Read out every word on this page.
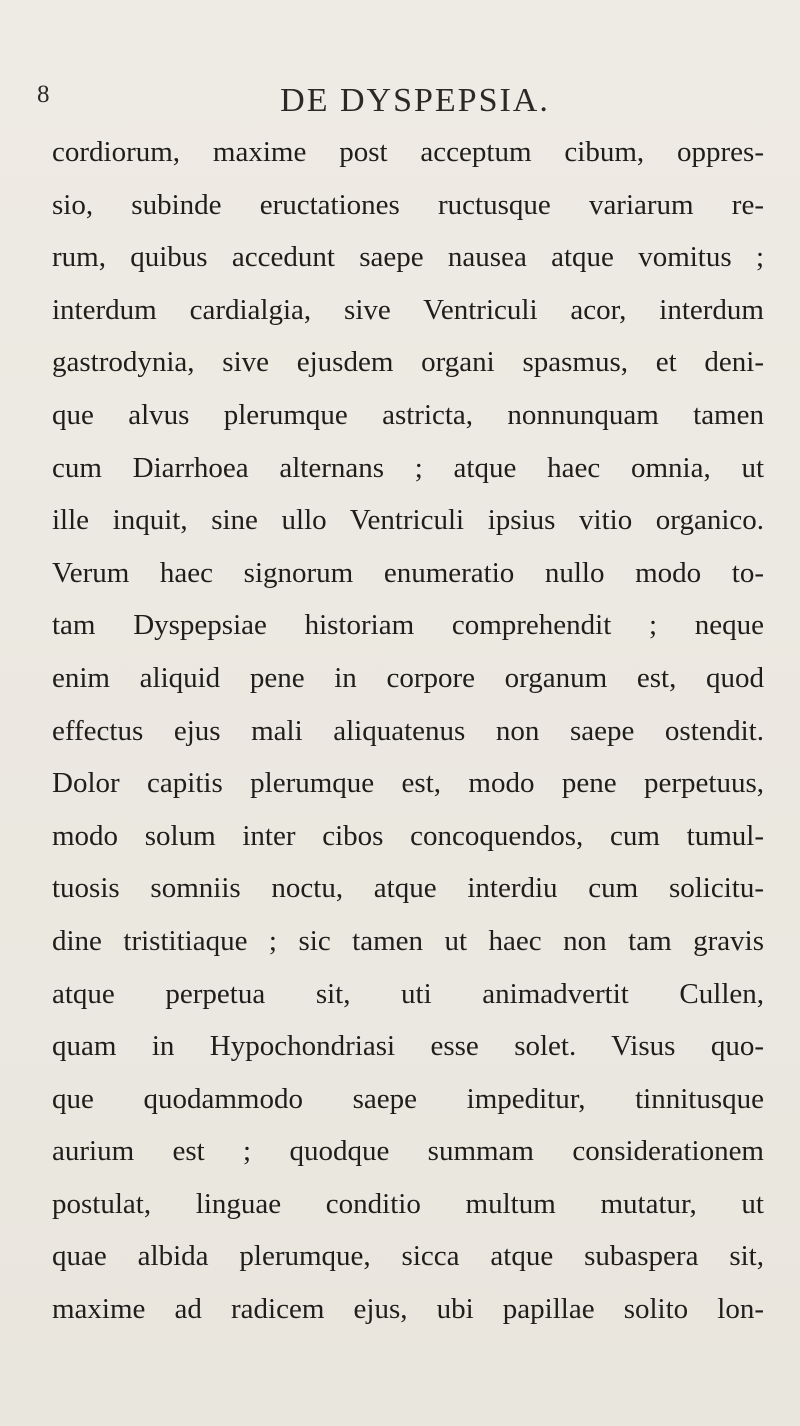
8	DE DYSPEPSIA.
cordiorum, maxime post acceptum cibum, oppres-
sio, subinde eructationes ructusque variarum re-
rum, quibus accedunt saepe nausea atque vomitus ;
interdum cardialgia, sive Ventriculi acor, interdum
gastrodynia, sive ejusdem organi spasmus, et deni-
que alvus plerumque astricta, nonnunquam tamen
cum Diarrhoea alternans ; atque haec omnia, ut
ille inquit, sine ullo Ventriculi ipsius vitio organico.
Verum haec signorum enumeratio nullo modo to-
tam Dyspepsiae historiam comprehendit ; neque
enim aliquid pene in corpore organum est, quod
effectus ejus mali aliquatenus non saepe ostendit.
Dolor capitis plerumque est, modo pene perpetuus,
modo solum inter cibos concoquendos, cum tumul-
tuosis somniis noctu, atque interdiu cum solicitu-
dine tristitiaque ; sic tamen ut haec non tam gravis
atque perpetua sit, uti animadvertit Cullen,
quam in Hypochondriasi esse solet. Visus quo-
que quodammodo saepe impeditur, tinnitusque
aurium est ; quodque summam considerationem
postulat, linguae conditio multum mutatur, ut
quae albida plerumque, sicca atque subaspera sit,
maxime ad radicem ejus, ubi papillae solito lon-
